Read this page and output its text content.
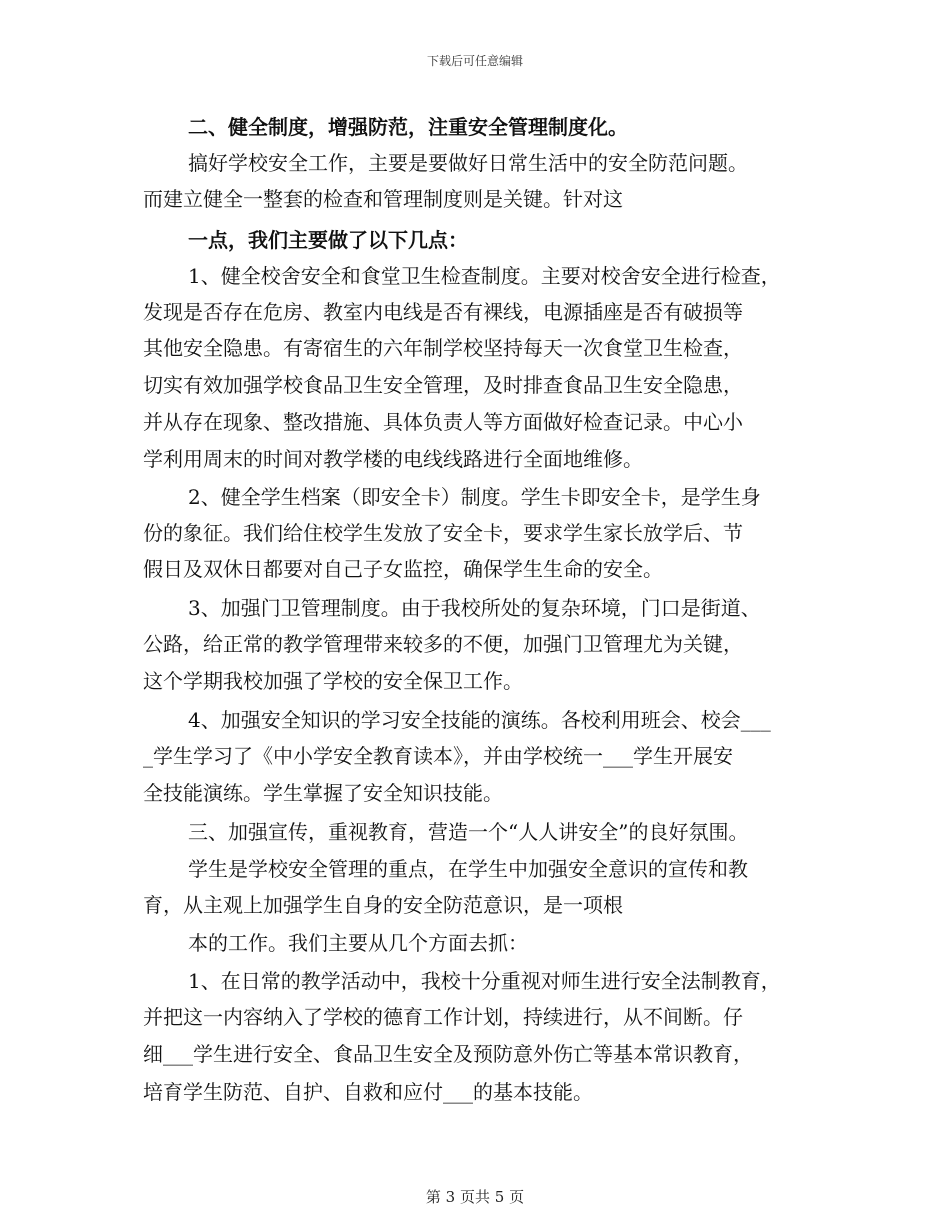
下载后可任意编辑
二、健全制度，增强防范，注重安全管理制度化。
搞好学校安全工作，主要是要做好日常生活中的安全防范问题。
而建立健全一整套的检查和管理制度则是关键。针对这
一点，我们主要做了以下几点：
1、健全校舍安全和食堂卫生检查制度。主要对校舍安全进行检查，
发现是否存在危房、教室内电线是否有裸线，电源插座是否有破损等
其他安全隐患。有寄宿生的六年制学校坚持每天一次食堂卫生检查，
切实有效加强学校食品卫生安全管理，及时排查食品卫生安全隐患，
并从存在现象、整改措施、具体负责人等方面做好检查记录。中心小
学利用周末的时间对教学楼的电线线路进行全面地维修。
2、健全学生档案（即安全卡）制度。学生卡即安全卡，是学生身
份的象征。我们给住校学生发放了安全卡，要求学生家长放学后、节
假日及双休日都要对自己子女监控，确保学生生命的安全。
3、加强门卫管理制度。由于我校所处的复杂环境，门口是街道、
公路，给正常的教学管理带来较多的不便，加强门卫管理尤为关键，
这个学期我校加强了学校的安全保卫工作。
4、加强安全知识的学习安全技能的演练。各校利用班会、校会___
_学生学习了《中小学安全教育读本》，并由学校统一___学生开展安
全技能演练。学生掌握了安全知识技能。
三、加强宣传，重视教育，营造一个“人人讲安全”的良好氛围。
学生是学校安全管理的重点，在学生中加强安全意识的宣传和教
育，从主观上加强学生自身的安全防范意识，是一项根
本的工作。我们主要从几个方面去抓：
1、在日常的教学活动中，我校十分重视对师生进行安全法制教育，
并把这一内容纳入了学校的德育工作计划，持续进行，从不间断。仔
细___学生进行安全、食品卫生安全及预防意外伤亡等基本常识教育，
培育学生防范、自护、自救和应付___的基本技能。
第 3 页共 5 页
